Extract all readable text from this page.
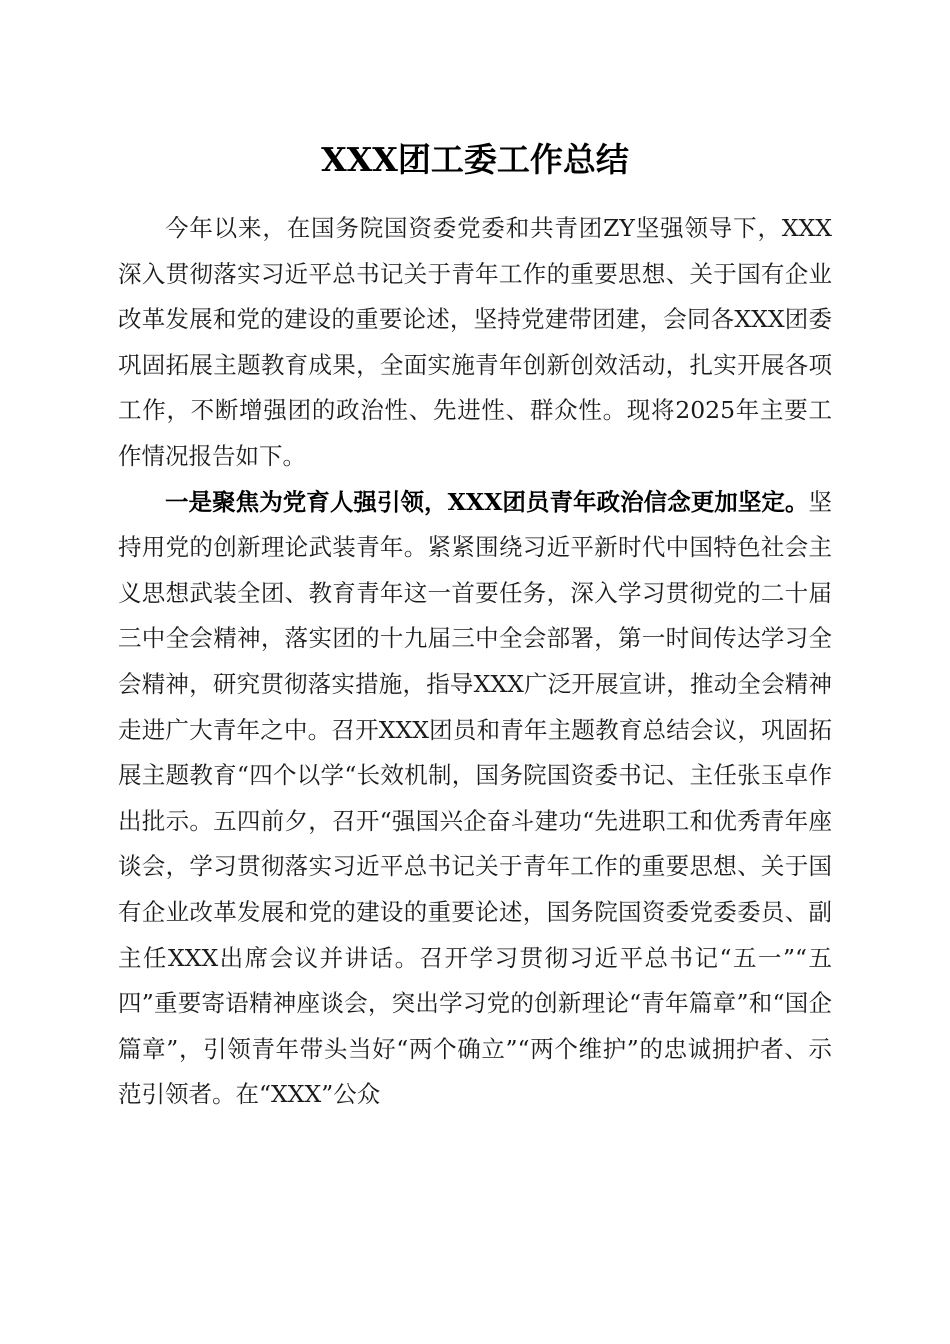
XXX团工委工作总结

今年以来，在国务院国资委党委和共青团ZY坚强领导下，XXX深入贯彻落实习近平总书记关于青年工作的重要思想、关于国有企业改革发展和党的建设的重要论述，坚持党建带团建，会同各XXX团委巩固拓展主题教育成果，全面实施青年创新创效活动，扎实开展各项工作，不断增强团的政治性、先进性、群众性。现将2025年主要工作情况报告如下。

一是聚焦为党育人强引领，XXX团员青年政治信念更加坚定。坚持用党的创新理论武装青年。紧紧围绕习近平新时代中国特色社会主义思想武装全团、教育青年这一首要任务，深入学习贯彻党的二十届三中全会精神，落实团的十九届三中全会部署，第一时间传达学习全会精神，研究贯彻落实措施，指导XXX广泛开展宣讲，推动全会精神走进广大青年之中。召开XXX团员和青年主题教育总结会议，巩固拓展主题教育“四个以学“长效机制，国务院国资委书记、主任张玉卓作出批示。五四前夕，召开“强国兴企奋斗建功“先进职工和优秀青年座谈会，学习贯彻落实习近平总书记关于青年工作的重要思想、关于国有企业改革发展和党的建设的重要论述，国务院国资委党委委员、副主任XXX出席会议并讲话。召开学习贯彻习近平总书记“五一”“五四”重要寄语精神座谈会，突出学习党的创新理论“青年篇章”和“国企篇章”，引领青年带头当好“两个确立”“两个维护”的忠诚拥护者、示范引领者。在“XXX”公众
